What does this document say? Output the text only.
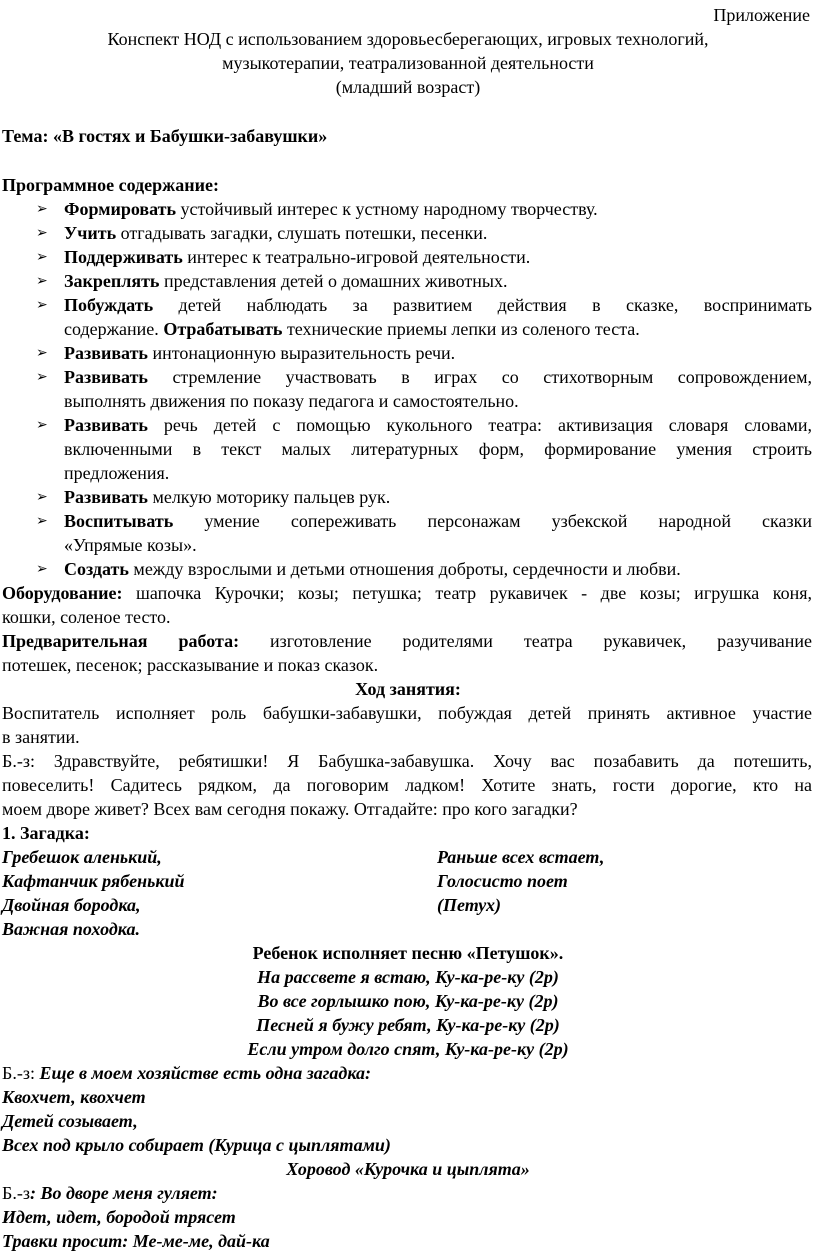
Приложение
Конспект НОД с использованием здоровьесберегающих, игровых технологий,
музыкотерапии, театрализованной деятельности
(младший возраст)
Тема: «В гостях и Бабушки-забавушки»
Программное содержание:
➢ Формировать устойчивый интерес к устному народному творчеству.
➢ Учить отгадывать загадки, слушать потешки, песенки.
➢ Поддерживать интерес к театрально-игровой деятельности.
➢ Закреплять представления детей о домашних животных.
➢ Побуждать детей наблюдать за развитием действия в сказке, воспринимать
содержание. Отрабатывать технические приемы лепки из соленого теста.
➢ Развивать интонационную выразительность речи.
➢ Развивать стремление участвовать в играх со стихотворным сопровождением,
выполнять движения по показу педагога и самостоятельно.
➢ Развивать речь детей с помощью кукольного театра: активизация словаря словами,
включенными в текст малых литературных форм, формирование умения строить
предложения.
➢ Развивать мелкую моторику пальцев рук.
➢ Воспитывать умение сопереживать персонажам узбекской народной сказки
«Упрямые козы».
➢ Создать между взрослыми и детьми отношения доброты, сердечности и любви.
Оборудование: шапочка Курочки; козы; петушка; театр рукавичек - две козы; игрушка коня,
кошки, соленое тесто.
Предварительная работа: изготовление родителями театра рукавичек, разучивание
потешек, песенок; рассказывание и показ сказок.
Ход занятия:
Воспитатель исполняет роль бабушки-забавушки, побуждая детей принять активное участие
в занятии.
Б.-з: Здравствуйте, ребятишки! Я Бабушка-забавушка. Хочу вас позабавить да потешить,
повеселить! Садитесь рядком, да поговорим ладком! Хотите знать, гости дорогие, кто на
моем дворе живет? Всех вам сегодня покажу. Отгадайте: про кого загадки?
1. Загадка:
Гребешок аленький,
Кафтанчик рябенький
Двойная бородка,
Важная походка.
Раньше всех встает,
Голосисто поет
(Петух)
Ребенок исполняет песню «Петушок».
На рассвете я встаю, Ку-ка-ре-ку (2р)
Во все горлышко пою, Ку-ка-ре-ку (2р)
Песней я бужу ребят, Ку-ка-ре-ку (2р)
Если утром долго спят, Ку-ка-ре-ку (2р)
Б.-з: Еще в моем хозяйстве есть одна загадка:
Квохчет, квохчет
Детей созывает,
Всех под крыло собирает (Курица с цыплятами)
Хоровод «Курочка и цыплята»
Б.-з: Во дворе меня гуляет:
Идет, идет, бородой трясет
Травки просит: Ме-ме-ме, дай-ка
